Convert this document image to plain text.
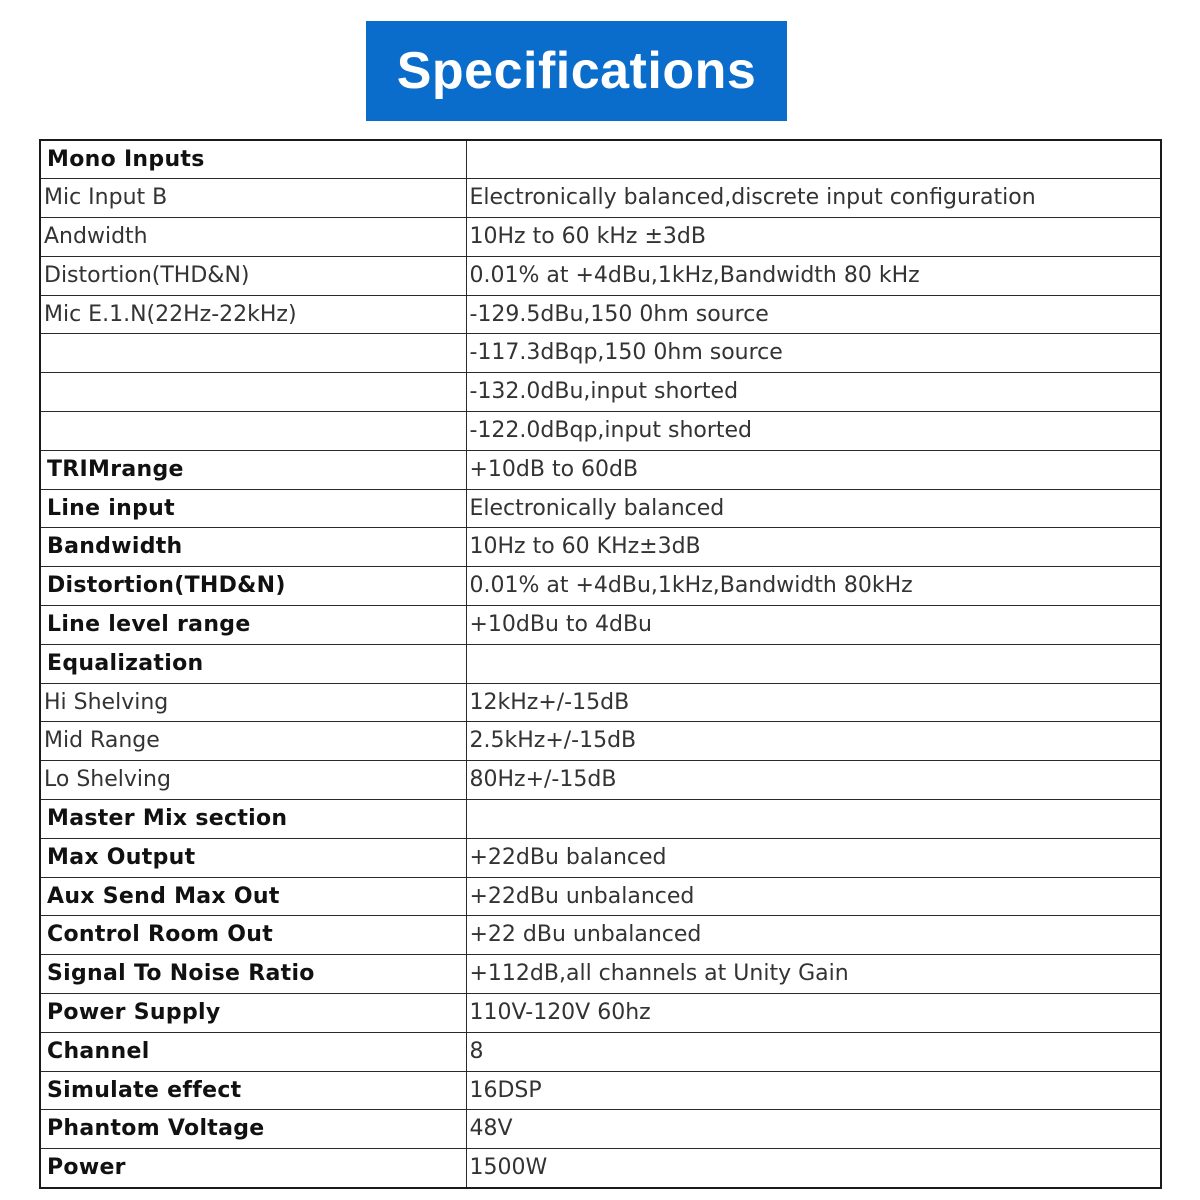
Specifications
Mono Inputs	
Mic Input B	Electronically balanced,discrete input configuration
Andwidth	10Hz to 60 kHz ±3dB
Distortion(THD&N)	0.01% at +4dBu,1kHz,Bandwidth 80 kHz
Mic E.1.N(22Hz-22kHz)	-129.5dBu,150 0hm source
	-117.3dBqp,150 0hm source
	-132.0dBu,input shorted
	-122.0dBqp,input shorted
TRIMrange	+10dB to 60dB
Line input	Electronically balanced
Bandwidth	10Hz to 60 KHz±3dB
Distortion(THD&N)	0.01% at +4dBu,1kHz,Bandwidth 80kHz
Line level range	+10dBu to 4dBu
Equalization	
Hi Shelving	12kHz+/-15dB
Mid Range	2.5kHz+/-15dB
Lo Shelving	80Hz+/-15dB
Master Mix section	
Max Output	+22dBu balanced
Aux Send Max Out	+22dBu unbalanced
Control Room Out	+22 dBu unbalanced
Signal To Noise Ratio	+112dB,all channels at Unity Gain
Power Supply	110V-120V 60hz
Channel	8
Simulate effect	16DSP
Phantom Voltage	48V
Power	1500W
